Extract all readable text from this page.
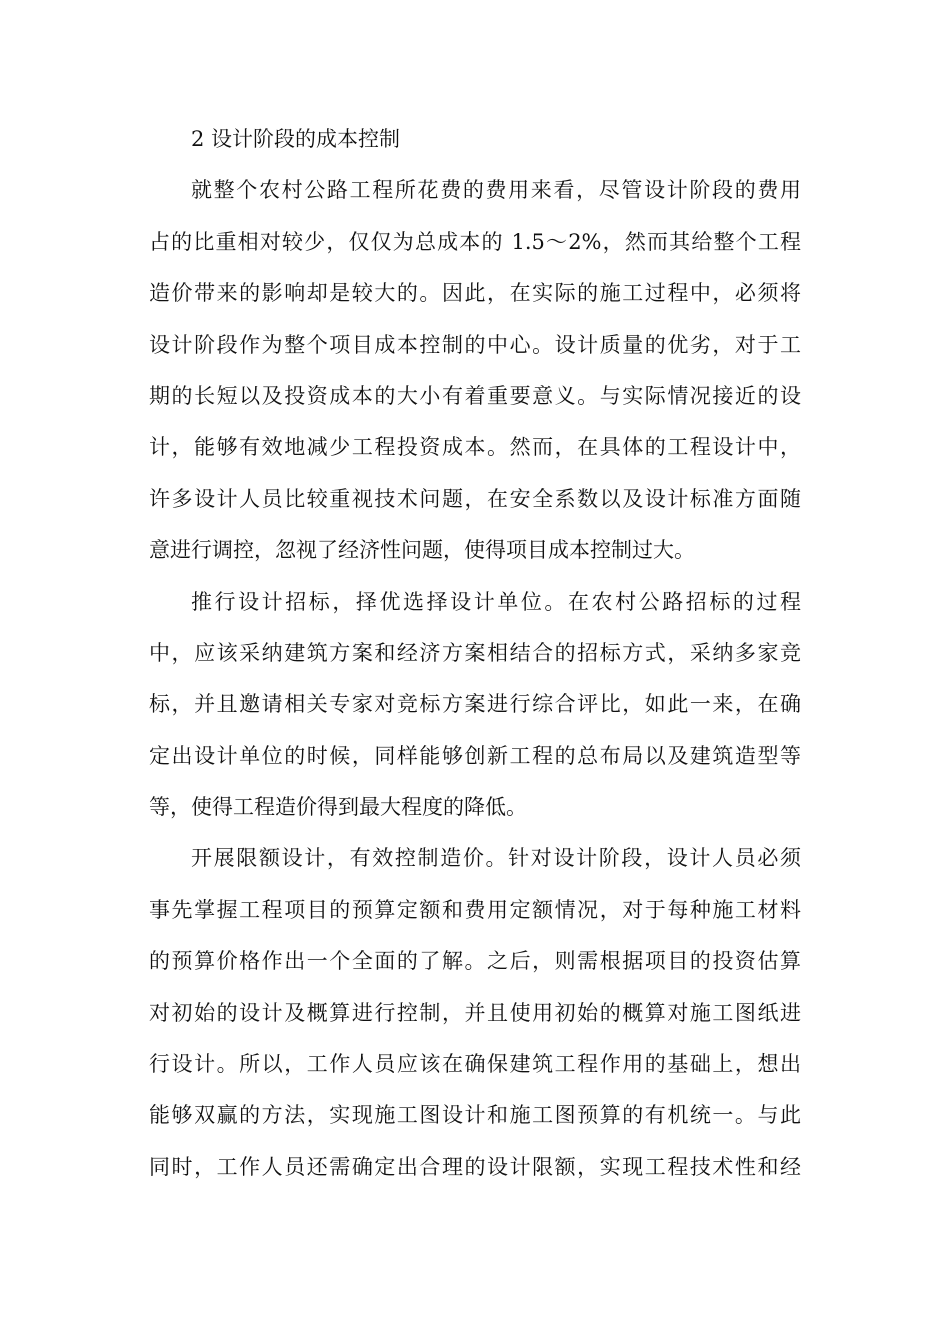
2 设计阶段的成本控制
就整个农村公路工程所花费的费用来看，尽管设计阶段的费用
占的比重相对较少，仅仅为总成本的 1.5～2%，然而其给整个工程
造价带来的影响却是较大的。因此，在实际的施工过程中，必须将
设计阶段作为整个项目成本控制的中心。设计质量的优劣，对于工
期的长短以及投资成本的大小有着重要意义。与实际情况接近的设
计，能够有效地减少工程投资成本。然而，在具体的工程设计中，
许多设计人员比较重视技术问题，在安全系数以及设计标准方面随
意进行调控，忽视了经济性问题，使得项目成本控制过大。
推行设计招标，择优选择设计单位。在农村公路招标的过程
中，应该采纳建筑方案和经济方案相结合的招标方式，采纳多家竞
标，并且邀请相关专家对竞标方案进行综合评比，如此一来，在确
定出设计单位的时候，同样能够创新工程的总布局以及建筑造型等
等，使得工程造价得到最大程度的降低。
开展限额设计，有效控制造价。针对设计阶段，设计人员必须
事先掌握工程项目的预算定额和费用定额情况，对于每种施工材料
的预算价格作出一个全面的了解。之后，则需根据项目的投资估算
对初始的设计及概算进行控制，并且使用初始的概算对施工图纸进
行设计。所以，工作人员应该在确保建筑工程作用的基础上，想出
能够双赢的方法，实现施工图设计和施工图预算的有机统一。与此
同时，工作人员还需确定出合理的设计限额，实现工程技术性和经
